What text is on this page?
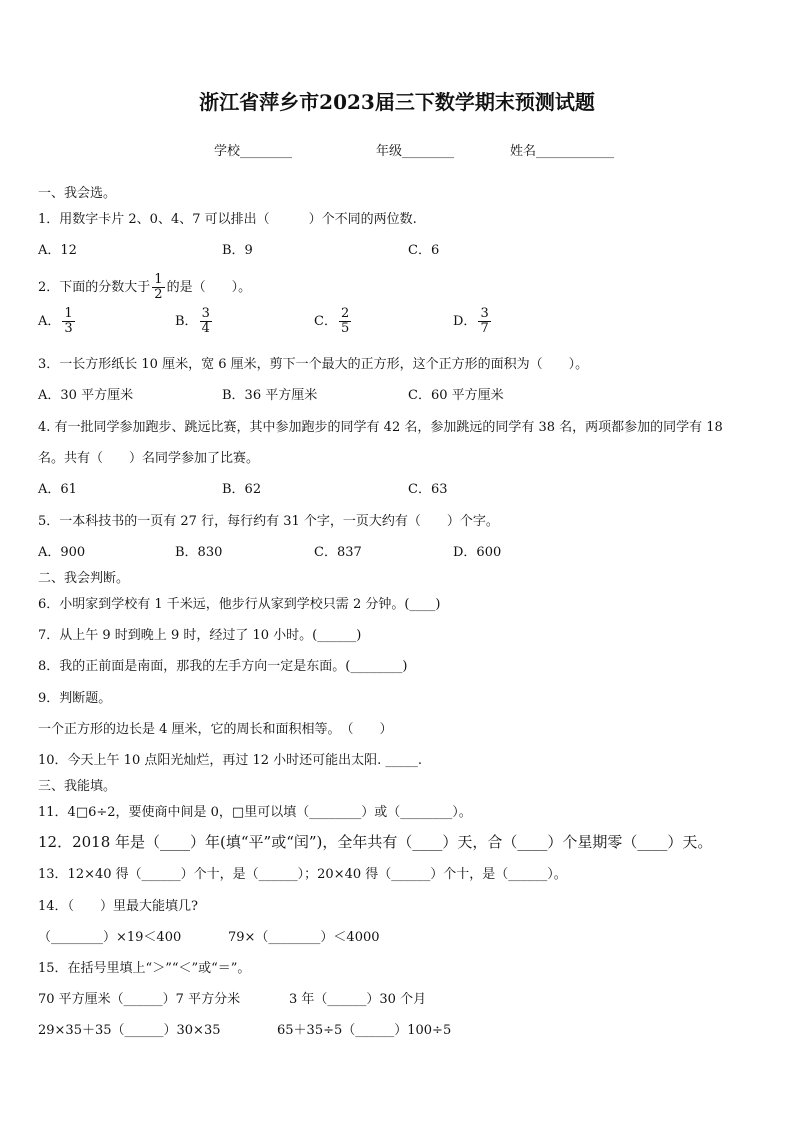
浙江省萍乡市2023届三下数学期末预测试题
学校________	年级________	姓名____________
一、我会选。
1．用数字卡片 2、0、4、7 可以排出（　　　）个不同的两位数.
A．12	B．9	C．6
2．下面的分数大于 $\frac{1}{2}$ 的是（　　）。
A． $\frac{1}{3}$	B． $\frac{3}{4}$	C． $\frac{2}{5}$	D． $\frac{3}{7}$
3．一长方形纸长 10 厘米，宽 6 厘米，剪下一个最大的正方形，这个正方形的面积为（　　）。
A．30 平方厘米	B．36 平方厘米	C．60 平方厘米
4. 有一批同学参加跑步、跳远比赛，其中参加跑步的同学有 42 名，参加跳远的同学有 38 名，两项都参加的同学有 18
名。共有（　　）名同学参加了比赛。
A．61	B．62	C．63
5．一本科技书的一页有 27 行，每行约有 31 个字，一页大约有（　　）个字。
A．900	B．830	C．837	D．600
二、我会判断。
6．小明家到学校有 1 千米远，他步行从家到学校只需 2 分钟。(____)
7．从上午 9 时到晚上 9 时，经过了 10 小时。(______)
8．我的正前面是南面，那我的左手方向一定是东面。(________)
9．判断题。
一个正方形的边长是 4 厘米，它的周长和面积相等。　（　　）
10．今天上午 10 点阳光灿烂，再过 12 小时还可能出太阳. _____.
三、我能填。
11．4□6÷2，要使商中间是 0，□里可以填（________）或（________）。
12．2018 年是（____）年(填“平”或“闰”)，全年共有（____）天，合（____）个星期零（____）天。
13．12×40 得（______）个十，是（______）；20×40 得（______）个十，是（______）。
14．（　　）里最大能填几?
（________）×19＜400	79×（________）＜4000
15．在括号里填上“＞”“＜”或“＝”。
70 平方厘米（______）7 平方分米	3 年（______）30 个月
29×35＋35（______）30×35	65＋35÷5（______）100÷5
